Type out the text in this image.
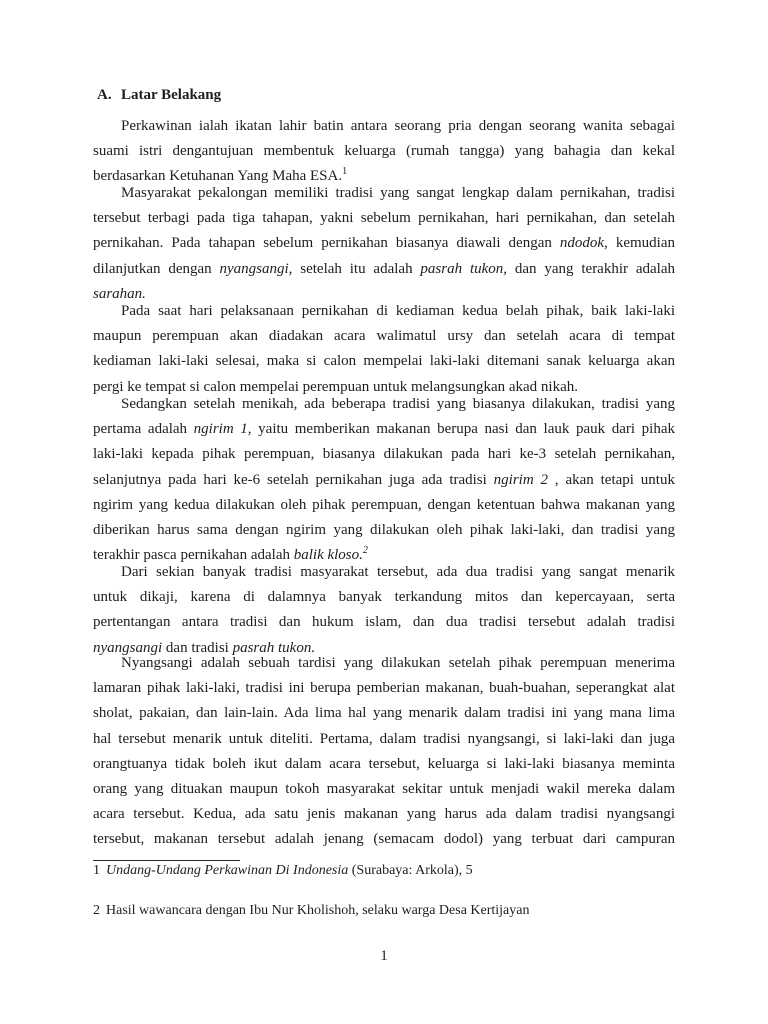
A. Latar Belakang
Perkawinan ialah ikatan lahir batin antara seorang pria dengan seorang wanita sebagai
suami istri dengantujuan membentuk keluarga (rumah tangga) yang bahagia dan kekal
berdasarkan Ketuhanan Yang Maha ESA.$^1$
Masyarakat pekalongan memiliki tradisi yang sangat lengkap dalam pernikahan, tradisi
tersebut terbagi pada tiga tahapan, yakni sebelum pernikahan, hari pernikahan, dan setelah
pernikahan. Pada tahapan sebelum pernikahan biasanya diawali dengan ndodok, kemudian
dilanjutkan dengan nyangsangi, setelah itu adalah pasrah tukon, dan yang terakhir adalah
sarahan.
Pada saat hari pelaksanaan pernikahan di kediaman kedua belah pihak, baik laki-laki
maupun perempuan akan diadakan acara walimatul ursy dan setelah acara di tempat
kediaman laki-laki selesai, maka si calon mempelai laki-laki ditemani sanak keluarga akan
pergi ke tempat si calon mempelai perempuan untuk melangsungkan akad nikah.
Sedangkan setelah menikah, ada beberapa tradisi yang biasanya dilakukan, tradisi yang
pertama adalah ngirim 1, yaitu memberikan makanan berupa nasi dan lauk pauk dari pihak
laki-laki kepada pihak perempuan, biasanya dilakukan pada hari ke-3 setelah pernikahan,
selanjutnya pada hari ke-6 setelah pernikahan juga ada tradisi ngirim 2 , akan tetapi untuk
ngirim yang kedua dilakukan oleh pihak perempuan, dengan ketentuan bahwa makanan yang
diberikan harus sama dengan ngirim yang dilakukan oleh pihak laki-laki, dan tradisi yang
terakhir pasca pernikahan adalah balik kloso.$^2$
Dari sekian banyak tradisi masyarakat tersebut, ada dua tradisi yang sangat menarik
untuk dikaji, karena di dalamnya banyak terkandung mitos dan kepercayaan, serta
pertentangan antara tradisi dan hukum islam, dan dua tradisi tersebut adalah tradisi
nyangsangi dan tradisi pasrah tukon.
Nyangsangi adalah sebuah tardisi yang dilakukan setelah pihak perempuan menerima
lamaran pihak laki-laki, tradisi ini berupa pemberian makanan, buah-buahan, seperangkat alat
sholat, pakaian, dan lain-lain. Ada lima hal yang menarik dalam tradisi ini yang mana lima
hal tersebut menarik untuk diteliti. Pertama, dalam tradisi nyangsangi, si laki-laki dan juga
orangtuanya tidak boleh ikut dalam acara tersebut, keluarga si laki-laki biasanya meminta
orang yang dituakan maupun tokoh masyarakat sekitar untuk menjadi wakil mereka dalam
acara tersebut. Kedua, ada satu jenis makanan yang harus ada dalam tradisi nyangsangi
tersebut, makanan tersebut adalah jenang (semacam dodol) yang terbuat dari campuran
1 Undang-Undang Perkawinan Di Indonesia (Surabaya: Arkola), 5
2 Hasil wawancara dengan Ibu Nur Kholishoh, selaku warga Desa Kertijayan
1
